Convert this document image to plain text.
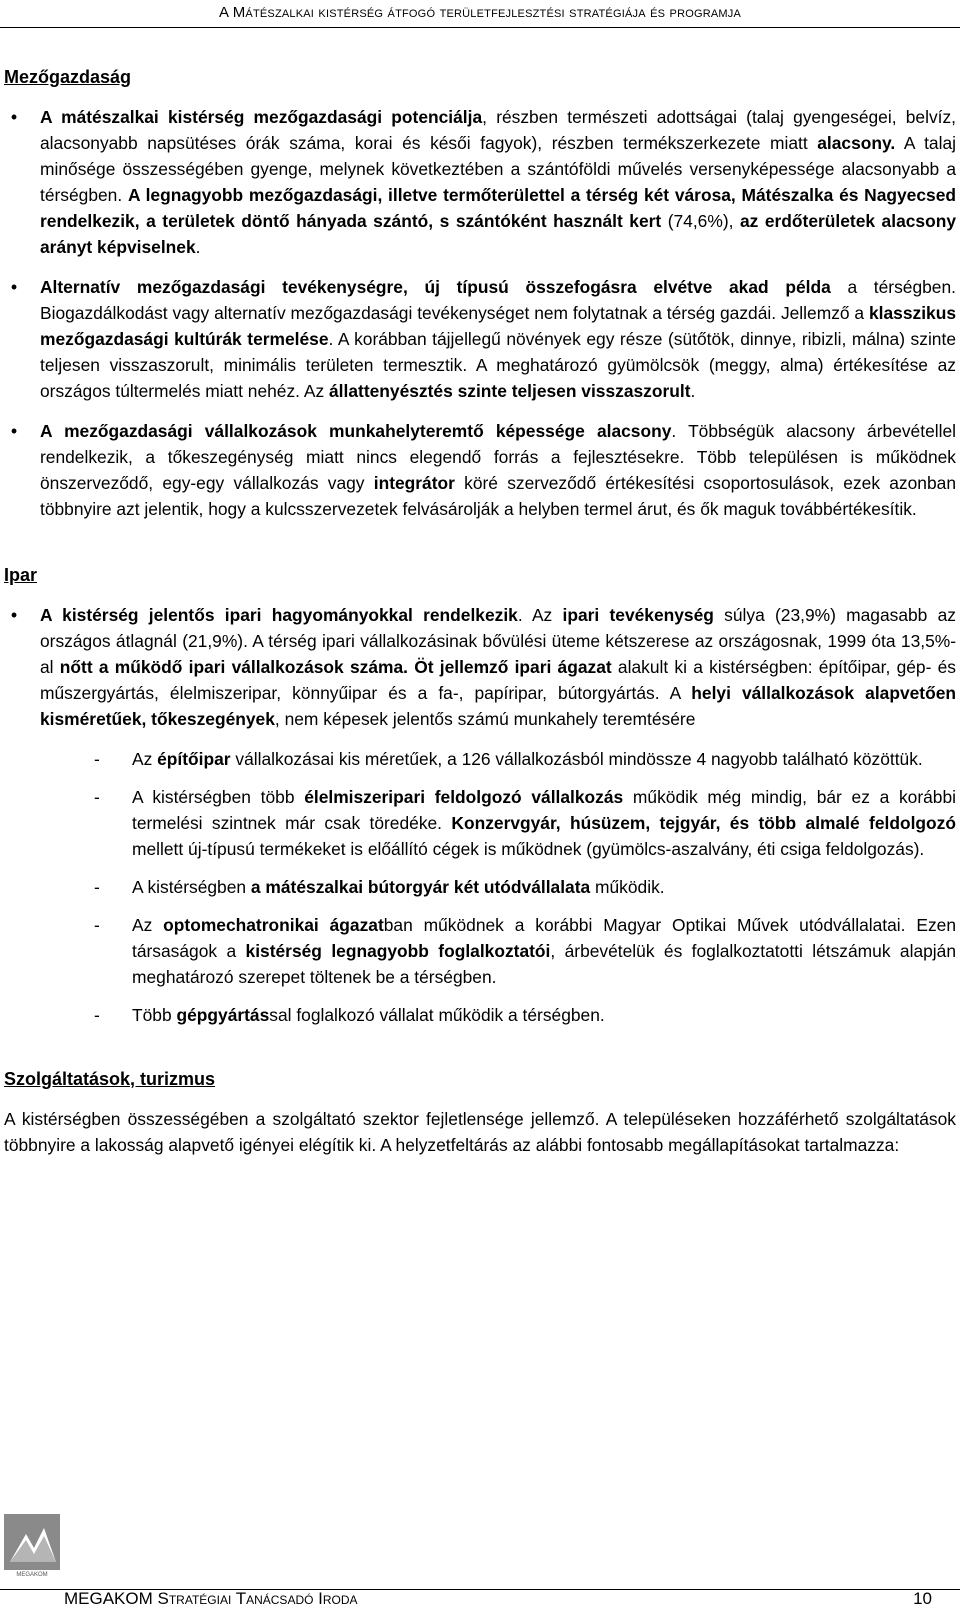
A Mátészalkai kistérség átfogó területfejlesztési stratégiája és programja
Mezőgazdaság
• A mátészalkai kistérség mezőgazdasági potenciálja, részben természeti adottságai (talaj gyengeségei, belvíz, alacsonyabb napsütéses órák száma, korai és késői fagyok), részben termékszerkezete miatt alacsony. A talaj minősége összességében gyenge, melynek következtében a szántóföldi művelés versenyképessége alacsonyabb a térségben. A legnagyobb mezőgazdasági, illetve termőterülettel a térség két városa, Mátészalka és Nagyecsed rendelkezik, a területek döntő hányada szántó, s szántóként használt kert (74,6%), az erdőterületek alacsony arányt képviselnek.
• Alternatív mezőgazdasági tevékenységre, új típusú összefogásra elvétve akad példa a térségben. Biogazdálkodást vagy alternatív mezőgazdasági tevékenységet nem folytatnak a térség gazdái. Jellemző a klasszikus mezőgazdasági kultúrák termelése. A korábban tájjellegű növények egy része (sütőtök, dinnye, ribizli, málna) szinte teljesen visszaszorult, minimális területen termesztik. A meghatározó gyümölcsök (meggy, alma) értékesítése az országos túltermelés miatt nehéz. Az állattenyésztés szinte teljesen visszaszorult.
• A mezőgazdasági vállalkozások munkahelyteremtő képessége alacsony. Többségük alacsony árbevétellel rendelkezik, a tőkeszegénység miatt nincs elegendő forrás a fejlesztésekre. Több településen is működnek önszerveződő, egy-egy vállalkozás vagy integrátor köré szerveződő értékesítési csoportosulások, ezek azonban többnyire azt jelentik, hogy a kulcsszervezetek felvásárolják a helyben termel árut, és ők maguk továbbértékesítik.
Ipar
• A kistérség jelentős ipari hagyományokkal rendelkezik. Az ipari tevékenység súlya (23,9%) magasabb az országos átlagnál (21,9%). A térség ipari vállalkozásinak bővülési üteme kétszerese az országosnak, 1999 óta 13,5%-al nőtt a működő ipari vállalkozások száma. Öt jellemző ipari ágazat alakult ki a kistérségben: építőipar, gép- és műszergyártás, élelmiszeripar, könnyűipar és a fa-, papíripar, bútorgyártás. A helyi vállalkozások alapvetően kisméretűek, tőkeszegények, nem képesek jelentős számú munkahely teremtésére
- Az építőipar vállalkozásai kis méretűek, a 126 vállalkozásból mindössze 4 nagyobb található közöttük.
- A kistérségben több élelmiszeripari feldolgozó vállalkozás működik még mindig, bár ez a korábbi termelési szintnek már csak töredéke. Konzervgyár, húsüzem, tejgyár, és több almalé feldolgozó mellett új-típusú termékeket is előállító cégek is működnek (gyümölcs-aszalvány, éti csiga feldolgozás).
- A kistérségben a mátészalkai bútorgyár két utódvállalata működik.
- Az optomechatronikai ágazatban működnek a korábbi Magyar Optikai Művek utódvállalatai. Ezen társaságok a kistérség legnagyobb foglalkoztatói, árbevételük és foglalkoztatotti létszámuk alapján meghatározó szerepet töltenek be a térségben.
- Több gépgyártással foglalkozó vállalat működik a térségben.
Szolgáltatások, turizmus

A kistérségben összességében a szolgáltató szektor fejletlensége jellemző. A településeken hozzáférhető szolgáltatások többnyire a lakosság alapvető igényei elégítik ki. A helyzetfeltárás az alábbi fontosabb megállapításokat tartalmazza:

MEGAKOM
MEGAKOM Stratégiai Tanácsadó Iroda	10
